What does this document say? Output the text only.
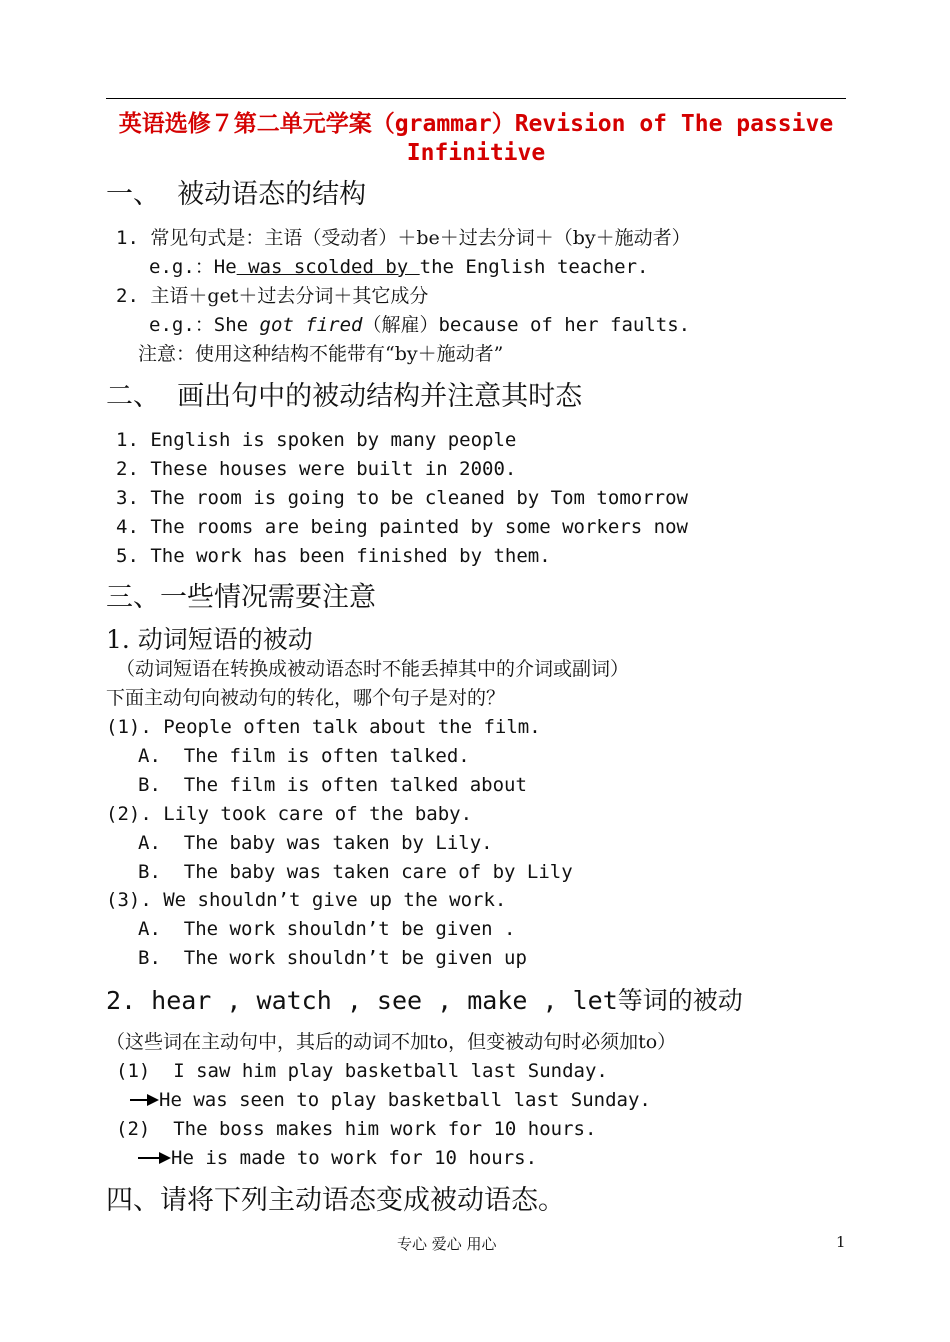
英语选修７第二单元学案（grammar）Revision of The passive Infinitive
一、  被动语态的结构
1. 常见句式是：主语（受动者）＋be＋过去分词＋（by＋施动者）
e.g.：He was scolded by the English teacher.
2. 主语＋get＋过去分词＋其它成分
e.g.：She got fired（解雇）because of her faults.
注意：使用这种结构不能带有“by＋施动者”
二、  画出句中的被动结构并注意其时态
1. English is spoken by many people
2. These houses were built in 2000.
3. The room is going to be cleaned by Tom tomorrow
4. The rooms are being painted by some workers now
5. The work has been finished by them.
三、一些情况需要注意
1. 动词短语的被动
（动词短语在转换成被动语态时不能丢掉其中的介词或副词）
下面主动句向被动句的转化，哪个句子是对的？
(1). People often talk about the film.
A.  The film is often talked.
B.  The film is often talked about
(2). Lily took care of the baby.
A.  The baby was taken by Lily.
B.  The baby was taken care of by Lily
(3). We shouldn’t give up the work.
A.  The work shouldn’t be given .
B.  The work shouldn’t be given up
2. hear , watch , see , make , let等词的被动
（这些词在主动句中，其后的动词不加to，但变被动句时必须加to）
(1)  I saw him play basketball last Sunday.
He was seen to play basketball last Sunday.
(2)  The boss makes him work for 10 hours.
He is made to work for 10 hours.
四、请将下列主动语态变成被动语态。
专心 爱心 用心	1
